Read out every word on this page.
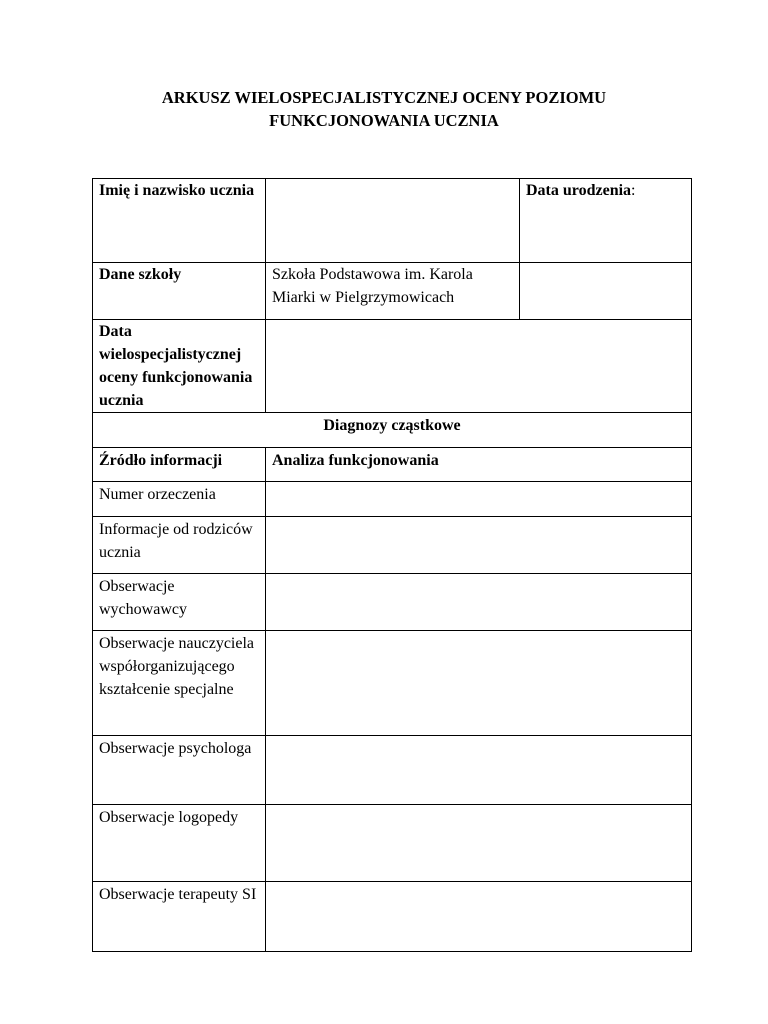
ARKUSZ WIELOSPECJALISTYCZNEJ OCENY POZIOMU
FUNKCJONOWANIA UCZNIA
Imię i nazwisko ucznia		Data urodzenia:
Dane szkoły	Szkoła Podstawowa im. Karola Miarki w Pielgrzymowicach	
Data wielospecjalistycznej oceny funkcjonowania ucznia		
Diagnozy cząstkowe		
Źródło informacji	Analiza funkcjonowania	
Numer orzeczenia		
Informacje od rodziców ucznia		
Obserwacje wychowawcy		
Obserwacje nauczyciela współorganizującego kształcenie specjalne		
Obserwacje psychologa		
Obserwacje logopedy		
Obserwacje terapeuty SI		
